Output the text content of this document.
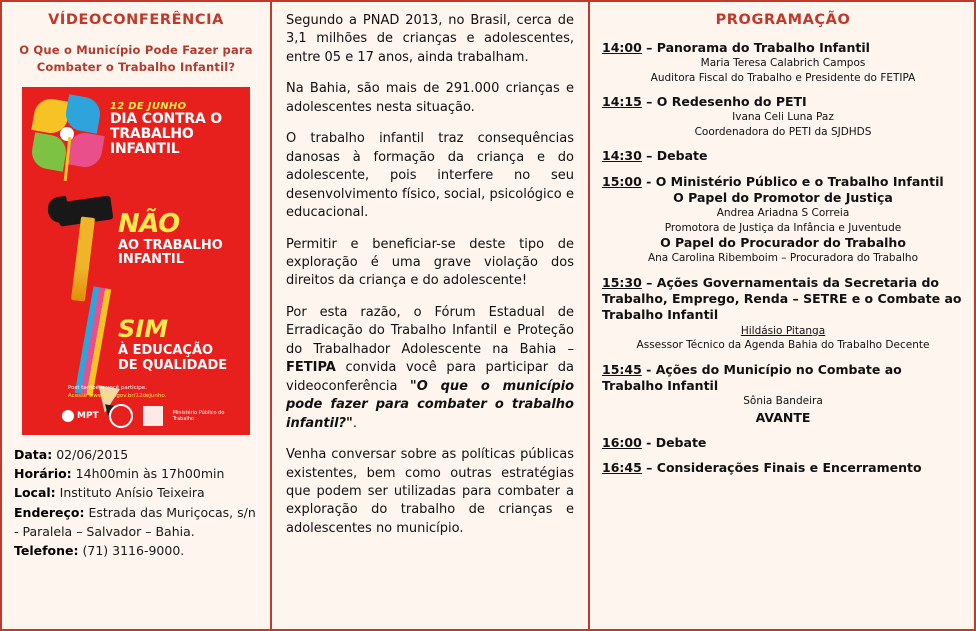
VÍDEOCONFERÊNCIA
O Que o Município Pode Fazer para Combater o Trabalho Infantil?
12 DE JUNHO
DIA CONTRA O
TRABALHO INFANTIL
NÃO
AO TRABALHO
INFANTIL
SIM
À EDUCAÇÃO
DE QUALIDADE
Post também você participe.
Acesse www.mpt.gov.br/12dejunho.
MPT	Ministério Público do Trabalho
Data: 02/06/2015
Horário: 14h00min às 17h00min
Local: Instituto Anísio Teixeira
Endereço: Estrada das Muriçocas, s/n - Paralela – Salvador – Bahia.
Telefone: (71) 3116-9000.

Segundo a PNAD 2013, no Brasil, cerca de 3,1 milhões de crianças e adolescentes, entre 05 e 17 anos, ainda trabalham.

Na Bahia, são mais de 291.000 crianças e adolescentes nesta situação.

O trabalho infantil traz consequências danosas à formação da criança e do adolescente, pois interfere no seu desenvolvimento físico, social, psicológico e educacional.

Permitir e beneficiar-se deste tipo de exploração é uma grave violação dos direitos da criança e do adolescente!

Por esta razão, o Fórum Estadual de Erradicação do Trabalho Infantil e Proteção do Trabalhador Adolescente na Bahia – FETIPA convida você para participar da videoconferência "O que o município pode fazer para combater o trabalho infantil?".

Venha conversar sobre as políticas públicas existentes, bem como outras estratégias que podem ser utilizadas para combater a exploração do trabalho de crianças e adolescentes no município.

PROGRAMAÇÃO
14:00 – Panorama do Trabalho Infantil
Maria Teresa Calabrich Campos
Auditora Fiscal do Trabalho e Presidente do FETIPA
14:15 – O Redesenho do PETI
Ivana Celi Luna Paz
Coordenadora do PETI da SJDHDS
14:30 – Debate
15:00 - O Ministério Público e o Trabalho Infantil
O Papel do Promotor de Justiça
Andrea Ariadna S Correia
Promotora de Justiça da Infância e Juventude
O Papel do Procurador do Trabalho
Ana Carolina Ribemboim – Procuradora do Trabalho
15:30 – Ações Governamentais da Secretaria do Trabalho, Emprego, Renda – SETRE e o Combate ao Trabalho Infantil
Hildásio Pitanga
Assessor Técnico da Agenda Bahia do Trabalho Decente
15:45 - Ações do Município no Combate ao Trabalho Infantil
Sônia Bandeira
AVANTE
16:00 - Debate
16:45 – Considerações Finais e Encerramento
